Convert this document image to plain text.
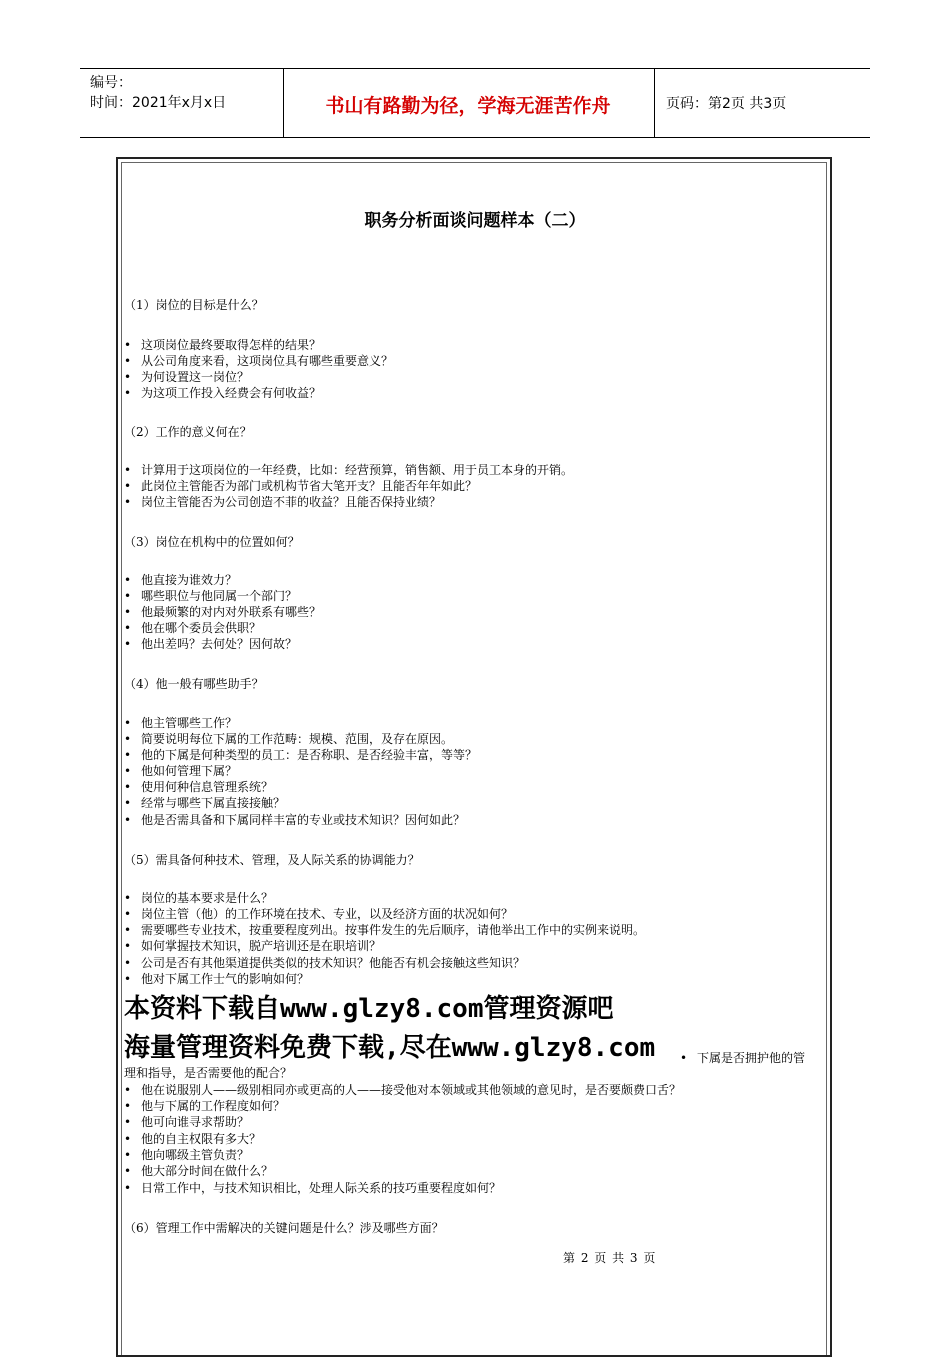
编号：
时间：2021年x月x日	书山有路勤为径，学海无涯苦作舟	页码：第2页 共3页
职务分析面谈问题样本（二）
（1）岗位的目标是什么？
• 这项岗位最终要取得怎样的结果？
• 从公司角度来看，这项岗位具有哪些重要意义？
• 为何设置这一岗位？
• 为这项工作投入经费会有何收益？
（2）工作的意义何在？
• 计算用于这项岗位的一年经费，比如：经营预算，销售额、用于员工本身的开销。
• 此岗位主管能否为部门或机构节省大笔开支？且能否年年如此？
• 岗位主管能否为公司创造不菲的收益？且能否保持业绩？
（3）岗位在机构中的位置如何？
• 他直接为谁效力？
• 哪些职位与他同属一个部门？
• 他最频繁的对内对外联系有哪些？
• 他在哪个委员会供职？
• 他出差吗？去何处？因何故？
（4）他一般有哪些助手？
• 他主管哪些工作？
• 简要说明每位下属的工作范畴：规模、范围，及存在原因。
• 他的下属是何种类型的员工：是否称职、是否经验丰富，等等？
• 他如何管理下属？
• 使用何种信息管理系统？
• 经常与哪些下属直接接触？
• 他是否需具备和下属同样丰富的专业或技术知识？因何如此？
（5）需具备何种技术、管理，及人际关系的协调能力？
• 岗位的基本要求是什么？
• 岗位主管（他）的工作环境在技术、专业，以及经济方面的状况如何？
• 需要哪些专业技术，按重要程度列出。按事件发生的先后顺序，请他举出工作中的实例来说明。
• 如何掌握技术知识，脱产培训还是在职培训？
• 公司是否有其他渠道提供类似的技术知识？他能否有机会接触这些知识？
• 他对下属工作士气的影响如何？
理和指导，是否需要他的配合？
• 他在说服别人——级别相同亦或更高的人——接受他对本领域或其他领域的意见时，是否要颇费口舌？
• 他与下属的工作程度如何？
• 他可向谁寻求帮助？
• 他的自主权限有多大？
• 他向哪级主管负责？
• 他大部分时间在做什么？
• 日常工作中，与技术知识相比，处理人际关系的技巧重要程度如何？
（6）管理工作中需解决的关键问题是什么？涉及哪些方面？
本资料下载自www.glzy8.com管理资源吧
海量管理资料免费下载,尽在www.glzy8.com • 下属是否拥护他的管
第 2 页 共 3 页
